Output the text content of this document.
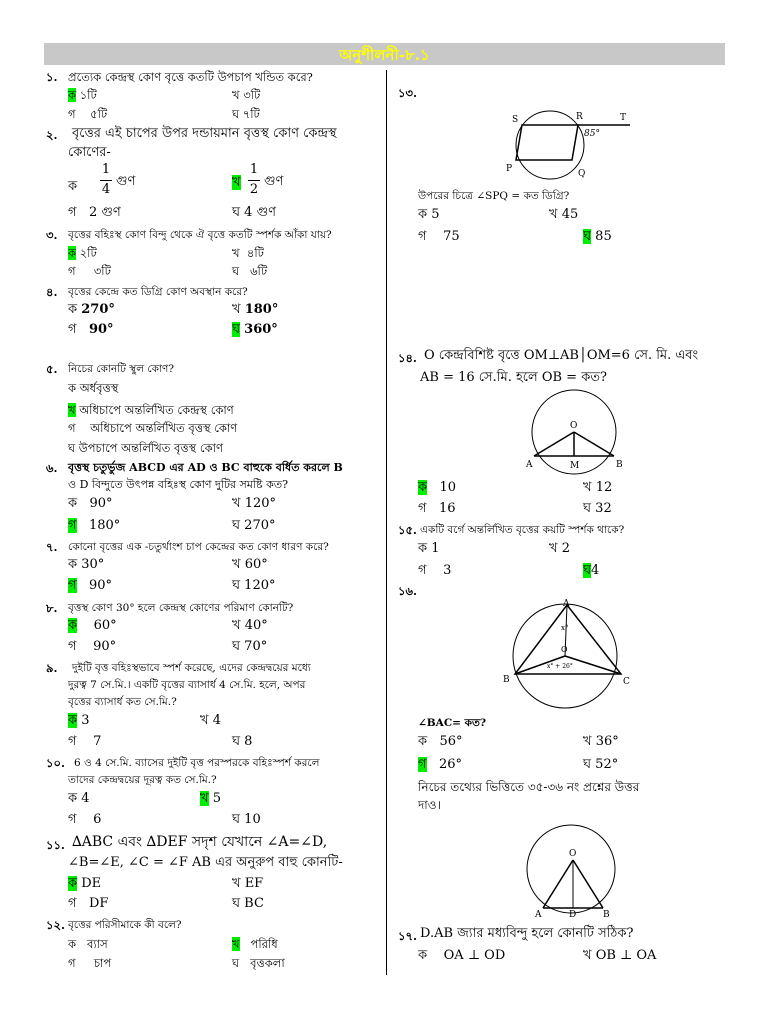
অনুশীলনী-৮.১
১. প্রত্যেক কেন্দ্রস্থ কোণ বৃত্তে কতটি উপচাপ খন্ডিত করে?
ক ১টি	খ ৩টি
গ ৫টি	ঘ ৭টি
২. বৃত্তের এই চাপের উপর দন্ডায়মান বৃত্তস্থ কোণ কেন্দ্রস্থ
কোণের-
ক
1
4
গুণ	খ
1
2
গুণ
গ 2 গুণ	ঘ 4 গুণ
৩. বৃত্তের বহিঃস্থ কোণ বিন্দু থেকে ঐ বৃত্তে কতটি স্পর্শক আঁকা যায়?
ক ২টি	খ ৪টি
গ ৩টি	ঘ ৬টি
৪. বৃত্তের কেন্দ্রে কত ডিগ্রি কোণ অবস্থান করে?
ক 270°	খ 180°
গ 90°	ঘ 360°
৫. নিচের কোনটি স্থুল কোণ?
ক অর্ধবৃত্তস্থ
খ অধিচাপে অন্তর্লিখিত কেন্দ্রস্থ কোণ
গ অধিচাপে অন্তর্লিখিত বৃত্তস্থ কোণ
ঘ উপচাপে অন্তর্লিখিত বৃত্তস্থ কোণ
৬. বৃত্তস্থ চতুর্ভুজ ABCD এর AD ও BC বাহুকে বর্ধিত করলে B
ও D বিন্দুতে উৎপন্ন বহিঃস্থ কোণ দুটির সমষ্টি কত?
ক 90°	খ 120°
গ 180°	ঘ 270°
৭. কোনো বৃত্তের এক -চতুর্থাংশ চাপ কেন্দ্রের কত কোণ ধারণ করে?
ক 30°	খ 60°
গ 90°	ঘ 120°
৮. বৃত্তস্থ কোণ 30° হলে কেন্দ্রস্থ কোণের পরিমাণ কোনটি?
ক 60°	খ 40°
গ 90°	ঘ 70°
৯. দুইটি বৃত্ত বহিঃস্থভাবে স্পর্শ করেছে, এদের কেন্দ্রদ্বয়ের মধ্যে
দুরত্ব 7 সে.মি.। একটি বৃত্তের ব্যাসার্ধ 4 সে.মি. হলে, অপর
বৃত্তের ব্যাসার্ধ কত সে.মি.?
ক 3	খ 4
গ 7	ঘ 8
১০. 6 ও 4 সে.মি. ব্যাসের দুইটি বৃত্ত পরস্পরকে বহিঃস্পর্শ করলে
তাদের কেন্দ্রদ্বয়ের দূরত্ব কত সে.মি.?
ক 4	খ 5
গ 6	ঘ 10
১১. ∆ABC এবং ∆DEF সদৃশ যেখানে ∠A=∠D,
∠B=∠E, ∠C = ∠F AB এর অনুরুপ বাহু কোনটি-
ক DE	খ EF
গ DF	ঘ BC
১২. বৃত্তের পরিসীমাকে কী বলে?
ক ব্যাস	খ পরিধি
গ চাপ	ঘ বৃত্তকলা
১৩.
S	R	T
P	Q
85°
উপরের চিত্রে ∠SPQ = কত ডিগ্রি?
ক 5	খ 45
গ 75	ঘ 85
১৪. O কেন্দ্রবিশিষ্ট বৃত্তে OM⊥AB│OM=6 সে. মি. এবং
AB = 16 সে.মি. হলে OB = কত?
O
A	M	B
ক 10	খ 12
গ 16	ঘ 32
১৫. একটি বর্গে অন্তর্লিখিত বৃত্তের কয়টি স্পর্শক থাকে?
ক 1	খ 2
গ 3	ঘ4
১৬.
A
B	C
O
x°
x° + 26°
∠BAC= কত?
ক 56°	খ 36°
গ 26°	ঘ 52°
নিচের তথ্যের ভিত্তিতে ৩৫-৩৬ নং প্রশ্নের উত্তর
দাও।
O
A	D	B
১৭. D.AB জ্যার মধ্যবিন্দু হলে কোনটি সঠিক?
ক OA ⊥ OD	খ OB ⊥ OA
